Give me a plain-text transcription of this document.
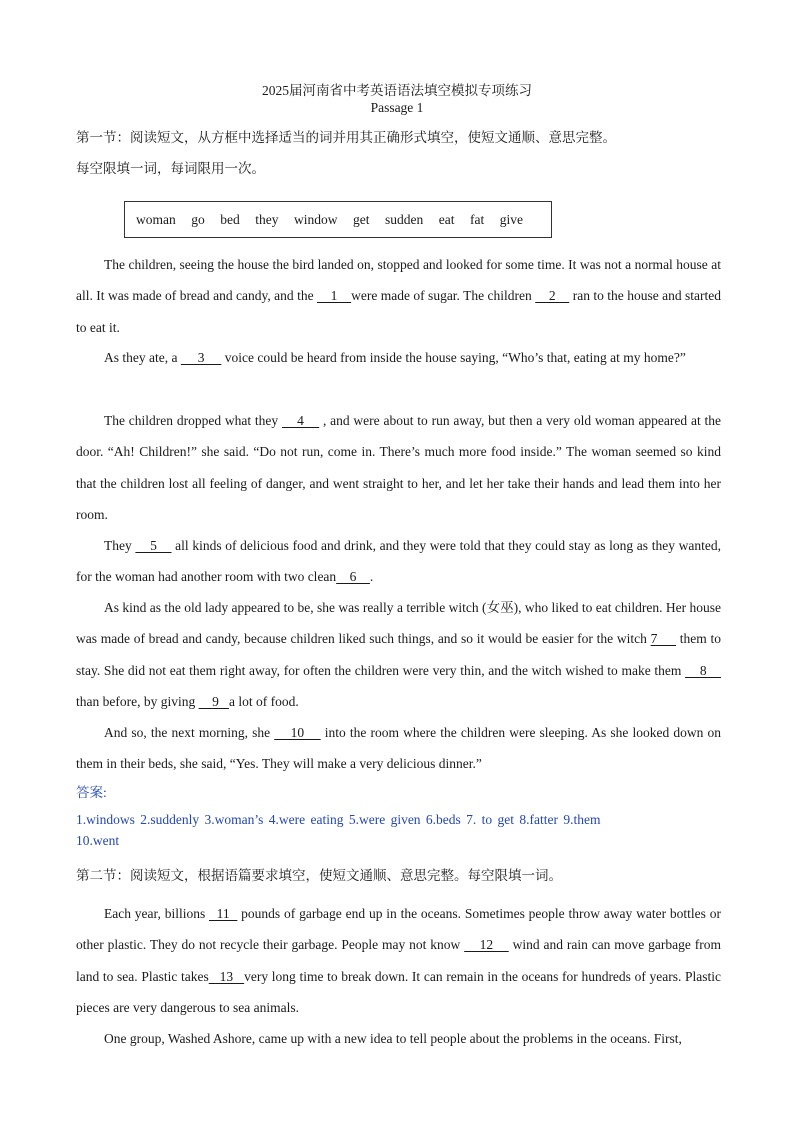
2025届河南省中考英语语法填空模拟专项练习
Passage 1
第一节：阅读短文，从方框中选择适当的词并用其正确形式填空，使短文通顺、意思完整。
每空限填一词，每词限用一次。
woman go bed they window get sudden eat fat give

The children, seeing the house the bird landed on, stopped and looked for some time. It was not a normal house at all. It was made of bread and candy, and the     1    were made of sugar. The children     2     ran to the house and started to eat it.

As they ate, a      3      voice could be heard from inside the house saying, “Who’s that, eating at my home?”

The children dropped what they     4     , and were about to run away, but then a very old woman appeared at the door. “Ah! Children!” she said. “Do not run, come in. There’s much more food inside.” The woman seemed so kind that the children lost all feeling of danger, and went straight to her, and let her take their hands and lead them into her room.

They     5     all kinds of delicious food and drink, and they were told that they could stay as long as they wanted, for the woman had another room with two clean    6    .

As kind as the old lady appeared to be, she was really a terrible witch (女巫), who liked to eat children. Her house was made of bread and candy, because children liked such things, and so it would be easier for the witch 7      them to stay. She did not eat them right away, for often the children were very thin, and the witch wished to make them     8     than before, by giving     9   a lot of food.

And so, the next morning, she     10     into the room where the children were sleeping. As she looked down on them in their beds, she said, “Yes. They will make a very delicious dinner.”

答案:
1.windows 2.suddenly 3.woman’s 4.were eating 5.were given 6.beds 7. to get 8.fatter 9.them
10.went
第二节：阅读短文，根据语篇要求填空，使短文通顺、意思完整。每空限填一词。

Each year, billions   11   pounds of garbage end up in the oceans. Sometimes people throw away water bottles or other plastic. They do not recycle their garbage. People may not know     12     wind and rain can move garbage from land to sea. Plastic takes   13   very long time to break down. It can remain in the oceans for hundreds of years. Plastic pieces are very dangerous to sea animals.

One group, Washed Ashore, came up with a new idea to tell people about the problems in the oceans. First,
